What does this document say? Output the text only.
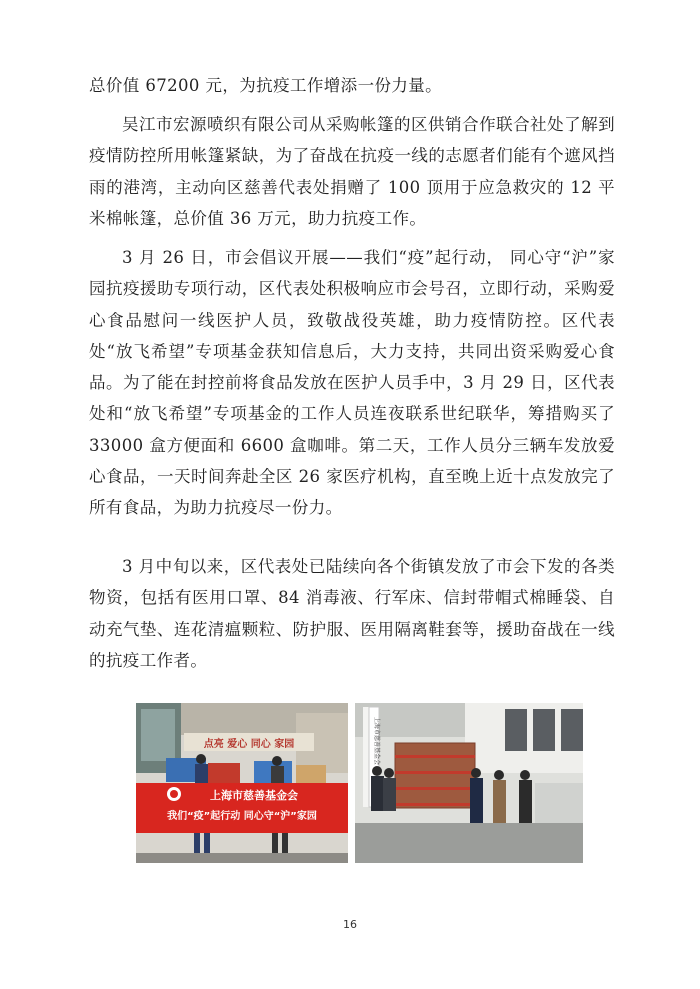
总价值 67200 元，为抗疫工作增添一份力量。

吴江市宏源喷织有限公司从采购帐篷的区供销合作联合社处了解到疫情防控所用帐篷紧缺，为了奋战在抗疫一线的志愿者们能有个遮风挡雨的港湾，主动向区慈善代表处捐赠了 100 顶用于应急救灾的 12 平米棉帐篷，总价值 36 万元，助力抗疫工作。

3 月 26 日，市会倡议开展——我们“疫”起行动， 同心守“沪”家园抗疫援助专项行动，区代表处积极响应市会号召，立即行动，采购爱心食品慰问一线医护人员，致敬战役英雄，助力疫情防控。区代表处“放飞希望”专项基金获知信息后，大力支持，共同出资采购爱心食品。为了能在封控前将食品发放在医护人员手中，3 月 29 日，区代表处和“放飞希望”专项基金的工作人员连夜联系世纪联华，筹措购买了 33000 盒方便面和 6600 盒咖啡。第二天，工作人员分三辆车发放爱心食品，一天时间奔赴全区 26 家医疗机构，直至晚上近十点发放完了所有食品，为助力抗疫尽一份力。

3 月中旬以来，区代表处已陆续向各个街镇发放了市会下发的各类物资，包括有医用口罩、84 消毒液、行军床、信封带帽式棉睡袋、自动充气垫、连花清瘟颗粒、防护服、医用隔离鞋套等，援助奋战在一线的抗疫工作者。

点亮 爱心 同心 家园
上海市慈善基金会
我们“疫”起行动 同心守“沪”家园
上海市慈善基金会
16
